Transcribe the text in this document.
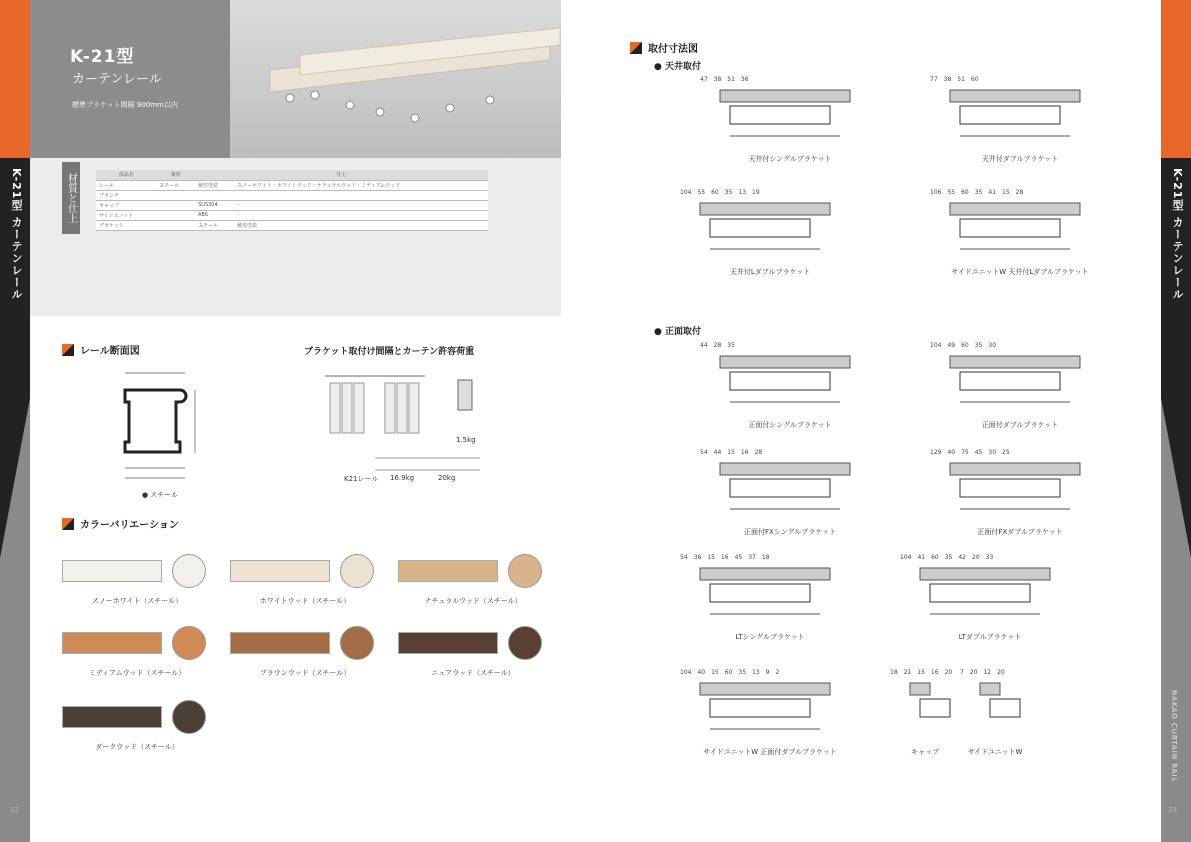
K-21型 カーテンレール
K-21型
カーテンレール
標準ブラケット間隔 900mm以内
材質と仕上	部品名	素材	仕上	
レール	スチール	焼付塗装	スノーホワイト・ホワイトウッド・ナチュラルウッド・ミディアムウッド
ブランチ			
キャップ		SUS304	-
サイドユニット		ABS	-
ブラケット		スチール	焼付塗装
レール断面図	ブラケット取付け間隔とカーテン許容荷重
● スチール
1.5kg
K21レール 16.9kg	20kg
カラーバリエーション
スノーホワイト（スチール）	ホワイトウッド（スチール）	ナチュラルウッド（スチール）
ミディアムウッド（スチール）	ブラウンウッド（スチール）	ニュアウッド（スチール）
ダークウッド（スチール）
22
K-21型 カーテンレール
NAKAO CURTAIN RAIL
取付寸法図
● 天井取付
● 正面取付
47 38 51 36
天井付シングルブラケット
77 38 51 60
天井付ダブルブラケット
104 55 60 35 13 19
天井付Lダブルブラケット
106 55 60 35 41 15 28
サイドユニットW 天井付Lダブルブラケット
44 28 35
正面付シングルブラケット
104 49 60 35 30
正面付ダブルブラケット
54 44 15 16 28
正面付FXシングルブラケット
129 40 75 45 30 25
正面付FXダブルブラケット
54 36 15 16 45 37 18
LTシングルブラケット
104 41 60 35 42 20 33
LTダブルブラケット
104 40 15 60 35 13 9 2
サイドユニットW 正面付ダブルブラケット
18 21 15 16 20
キャップ
7 20 12 20
サイドユニットW
23
